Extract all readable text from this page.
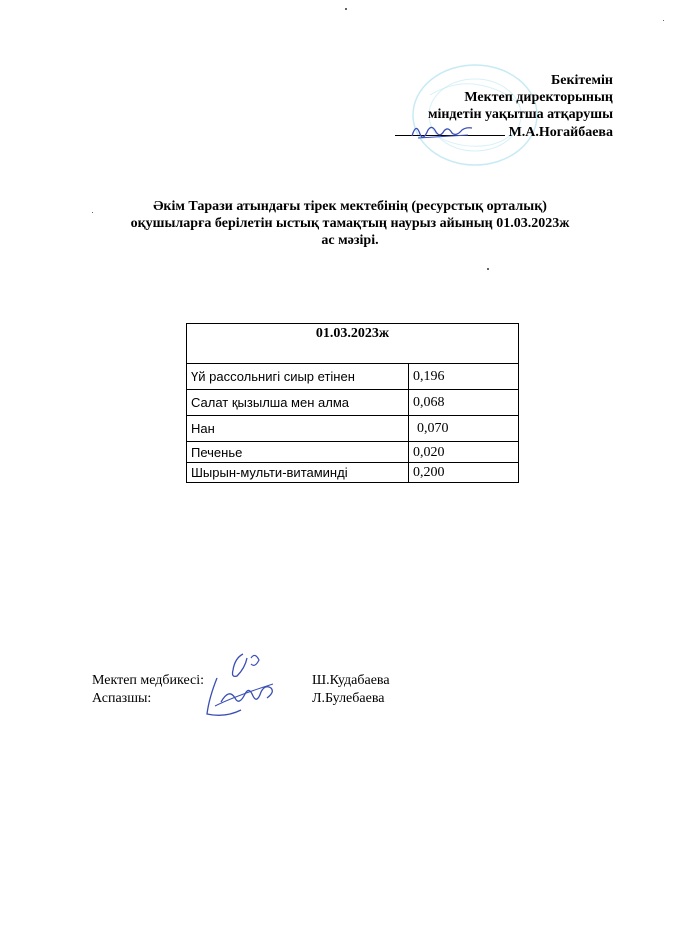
Бекітемін
Мектеп директорының
міндетін уақытша атқарушы
М.А.Ногайбаева
Әкім Тарази атындағы тірек мектебінің (ресурстық орталық)
оқушыларға берілетін ыстық тамақтың наурыз айының 01.03.2023ж
ас мәзірі.
01.03.2023ж	
Үй рассольнигі сиыр етінен	0,196
Салат қызылша мен алма	0,068
Нан	0,070
Печенье	0,020
Шырын-мульти-витаминді	0,200
Мектеп медбикесі:	Ш.Кудабаева
Аспазшы:	Л.Булебаева
